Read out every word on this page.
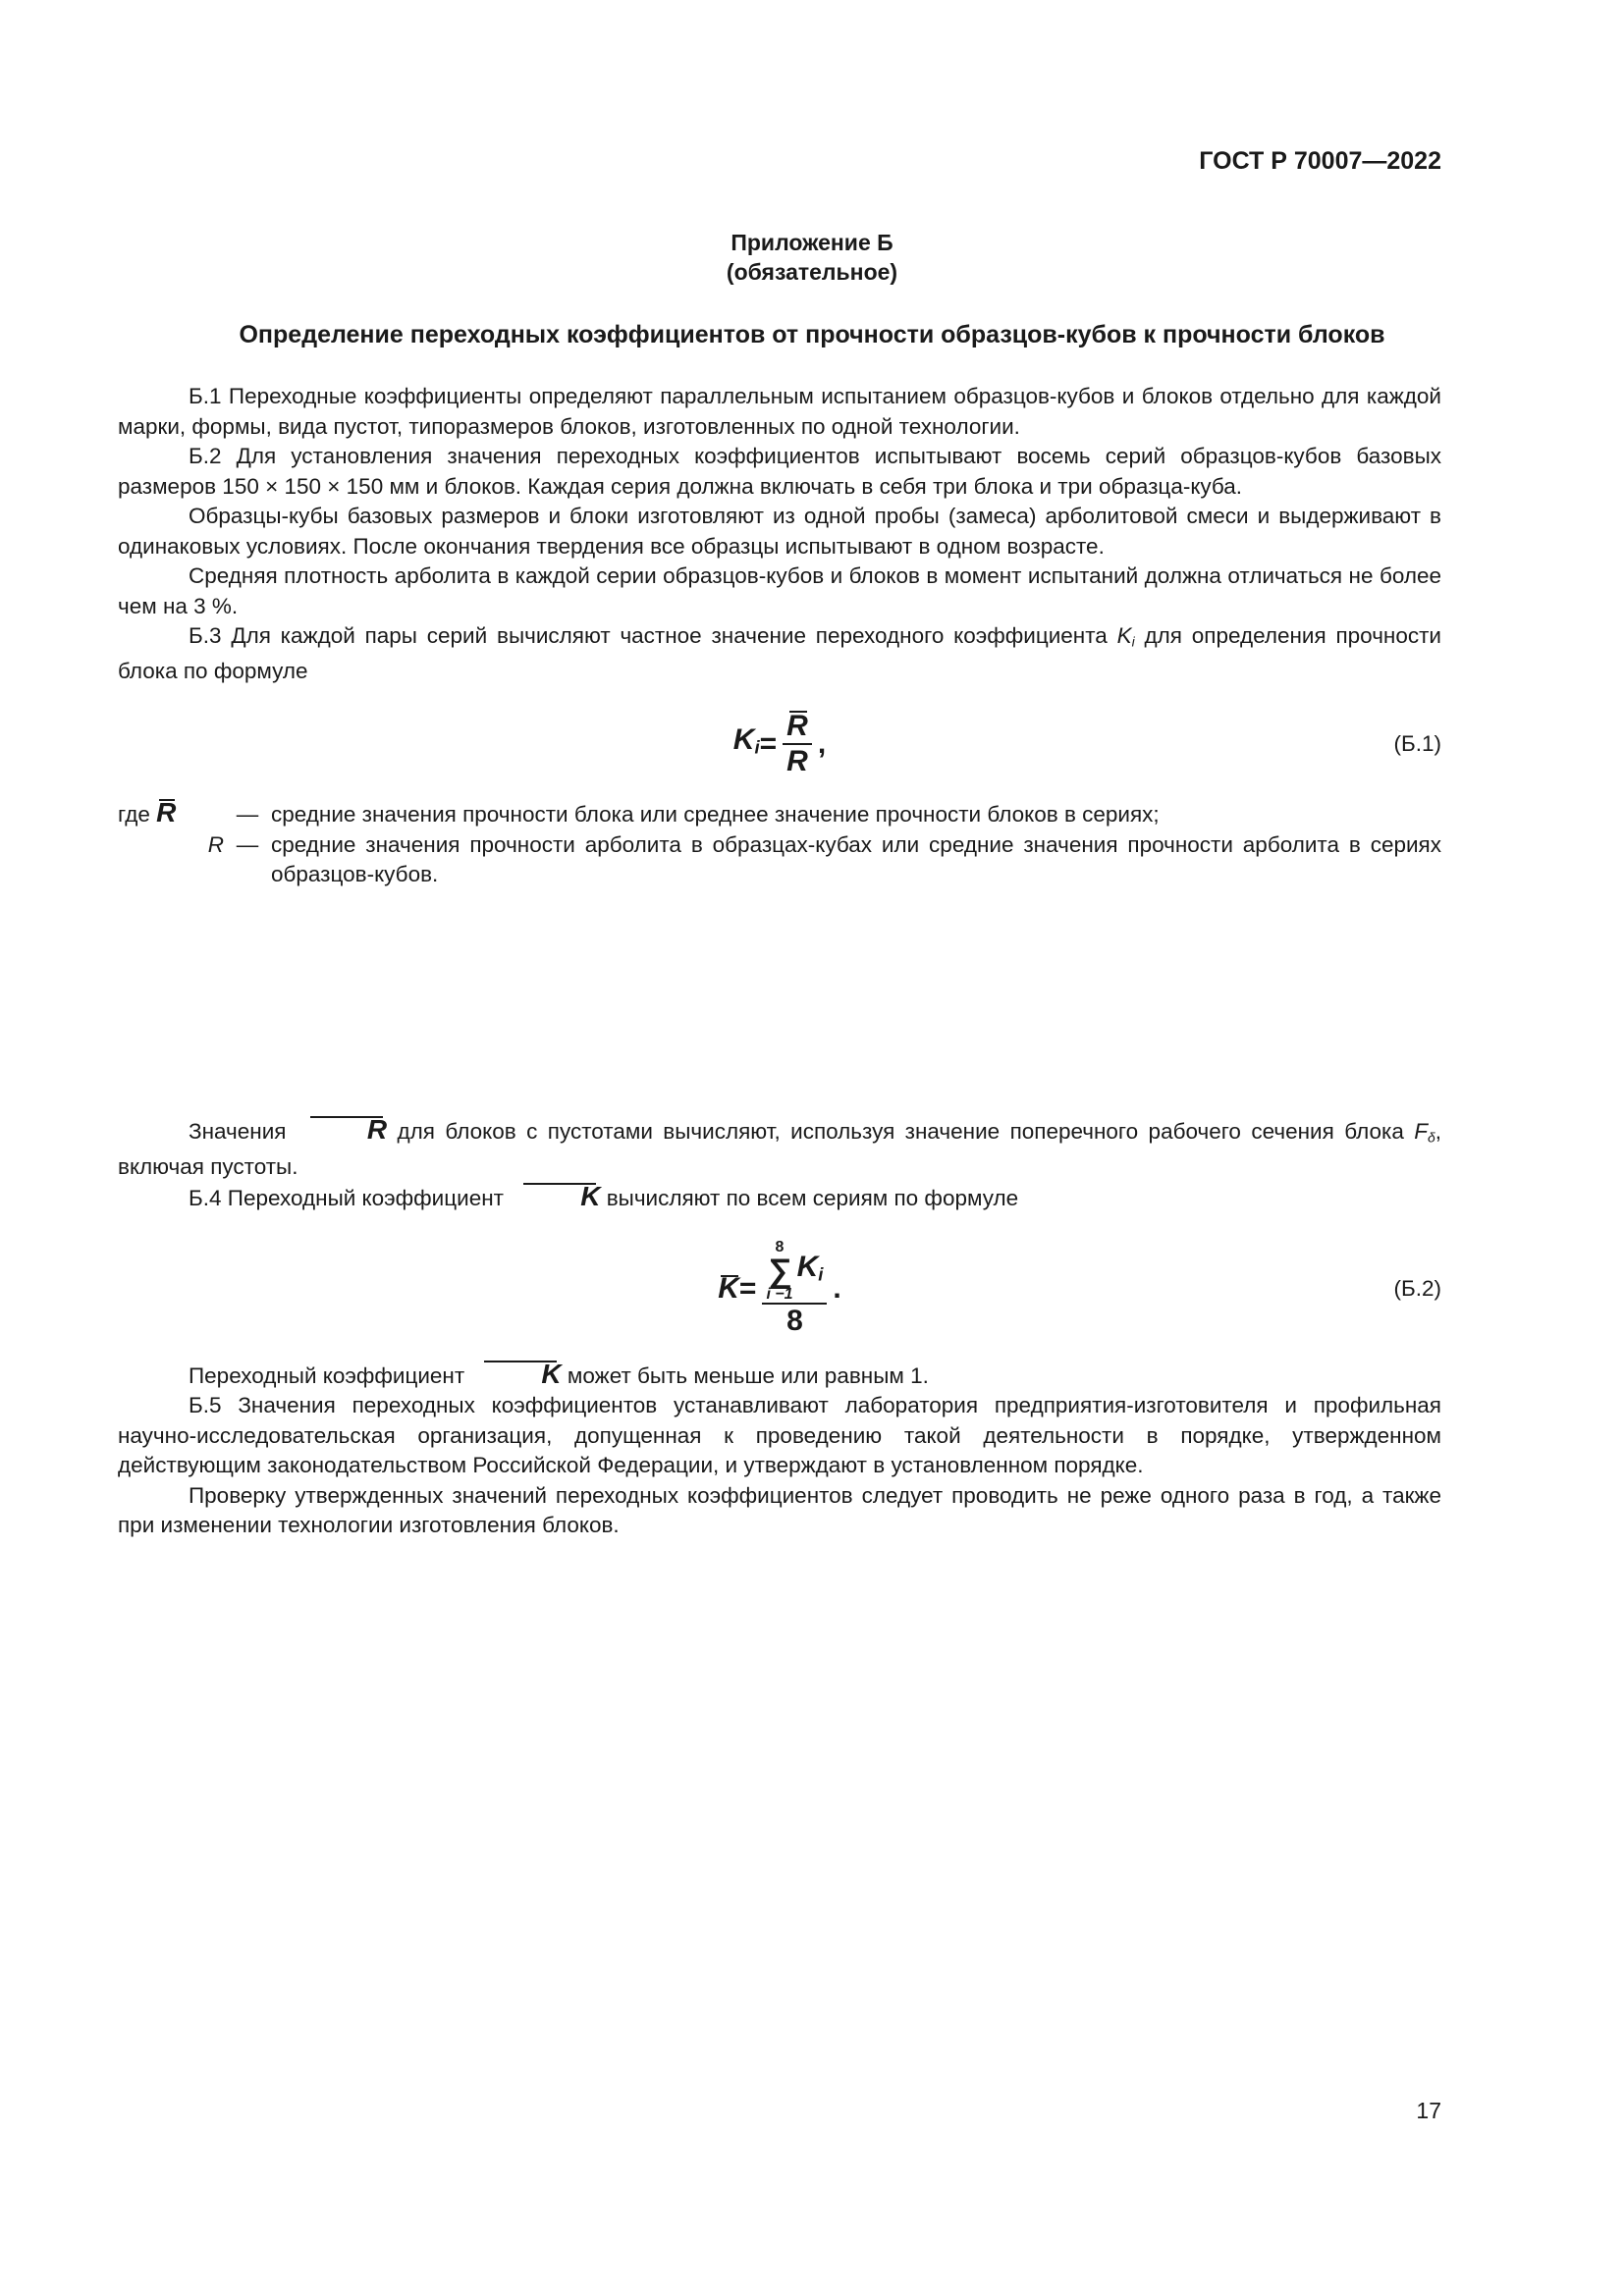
ГОСТ Р 70007—2022
Приложение Б
(обязательное)
Определение переходных коэффициентов от прочности образцов-кубов к прочности блоков

Б.1 Переходные коэффициенты определяют параллельным испытанием образцов-кубов и блоков отдельно для каждой марки, формы, вида пустот, типоразмеров блоков, изготовленных по одной технологии.

Б.2 Для установления значения переходных коэффициентов испытывают восемь серий образцов-кубов базовых размеров 150 × 150 × 150 мм и блоков. Каждая серия должна включать в себя три блока и три образца-куба.

Образцы-кубы базовых размеров и блоки изготовляют из одной пробы (замеса) арболитовой смеси и выдерживают в одинаковых условиях. После окончания твердения все образцы испытывают в одном возрасте.

Средняя плотность арболита в каждой серии образцов-кубов и блоков в момент испытаний должна отличаться не более чем на 3 %.

Б.3 Для каждой пары серий вычисляют частное значение переходного коэффициента $K_i$ для определения прочности блока по формуле

$K_i = \frac{R}{R}$ ,	(Б.1)
где R	— средние значения прочности блока или среднее значение прочности блоков в сериях;
R — средние значения прочности арболита в образцах-кубах или средние значения прочности арболита в сериях образцов-кубов.

Значения	R для блоков с пустотами вычисляют, используя значение поперечного рабочего сечения блока $F_\delta$, включая пустоты.

Б.4 Переходный коэффициент	K вычисляют по всем сериям по формуле

K =
8
∑
i −1
$K_i$
8
.	(Б.2)

Переходный коэффициент	K может быть меньше или равным 1.

Б.5 Значения переходных коэффициентов устанавливают лаборатория предприятия-изготовителя и профильная научно-исследовательская организация, допущенная к проведению такой деятельности в порядке, утвержденном действующим законодательством Российской Федерации, и утверждают в установленном порядке.

Проверку утвержденных значений переходных коэффициентов следует проводить не реже одного раза в год, а также при изменении технологии изготовления блоков.

17
